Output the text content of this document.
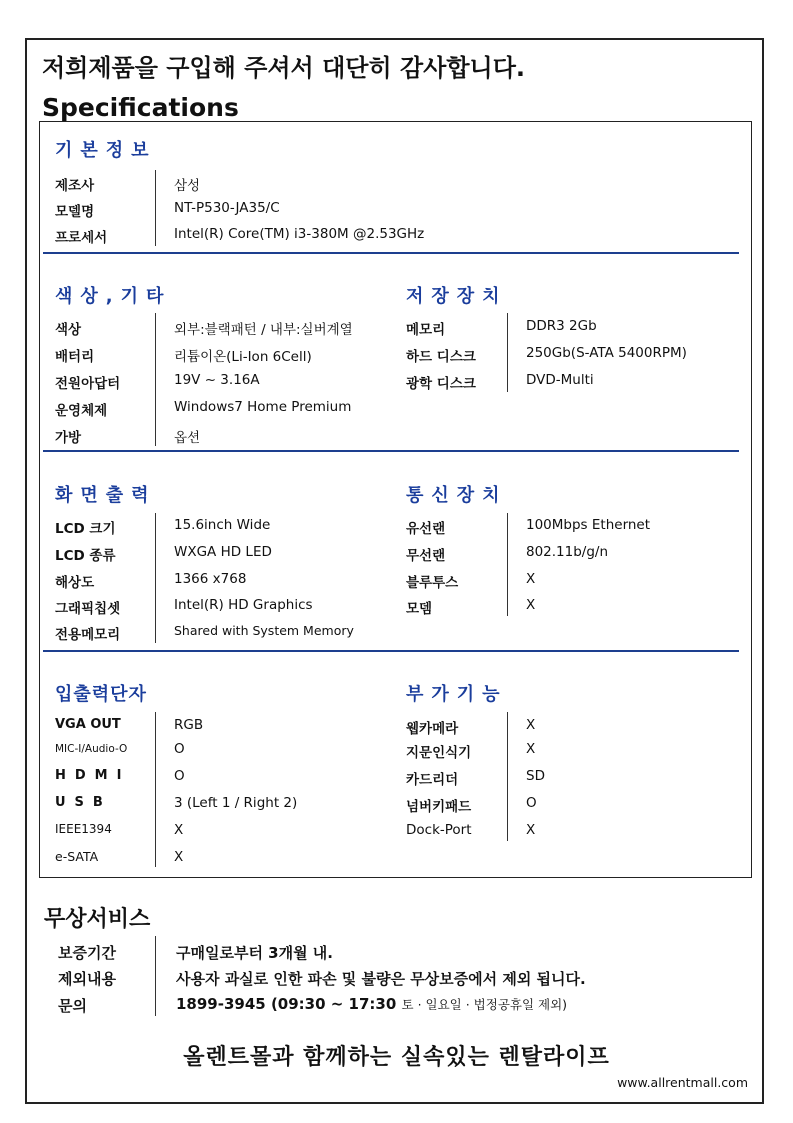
저희제품을 구입해 주셔서 대단히 감사합니다.
Specifications
기본정보
제조사	삼성
모델명	NT-P530-JA35/C
프로세서	Intel(R) Core(TM) i3-380M @2.53GHz
색상,기타
색상	외부:블랙패턴 / 내부:실버계열
배터리	리튬이온(Li-Ion 6Cell)
전원아답터	19V ~ 3.16A
운영체제	Windows7 Home Premium
가방	옵션
저장장치
메모리	DDR3 2Gb
하드 디스크	250Gb(S-ATA 5400RPM)
광학 디스크	DVD-Multi
화면출력
LCD 크기	15.6inch Wide
LCD 종류	WXGA HD LED
해상도	1366 x768
그래픽칩셋	Intel(R) HD Graphics
전용메모리	Shared with System Memory
통신장치
유선랜	100Mbps Ethernet
무선랜	802.11b/g/n
블루투스	X
모뎀	X
입출력단자
VGA OUT	RGB
MIC-I/Audio-O	O
HDMI	O
USB	3 (Left 1 / Right 2)
IEEE1394	X
e-SATA	X
부가기능
웹카메라	X
지문인식기	X
카드리더	SD
넘버키패드	O
Dock-Port	X
무상서비스
보증기간	구매일로부터 3개월 내.
제외내용	사용자 과실로 인한 파손 및 불량은 무상보증에서 제외 됩니다.
문의	1899-3945 (09:30 ~ 17:30 토 · 일요일 · 법정공휴일 제외)
올렌트몰과 함께하는 실속있는 렌탈라이프
www.allrentmall.com
